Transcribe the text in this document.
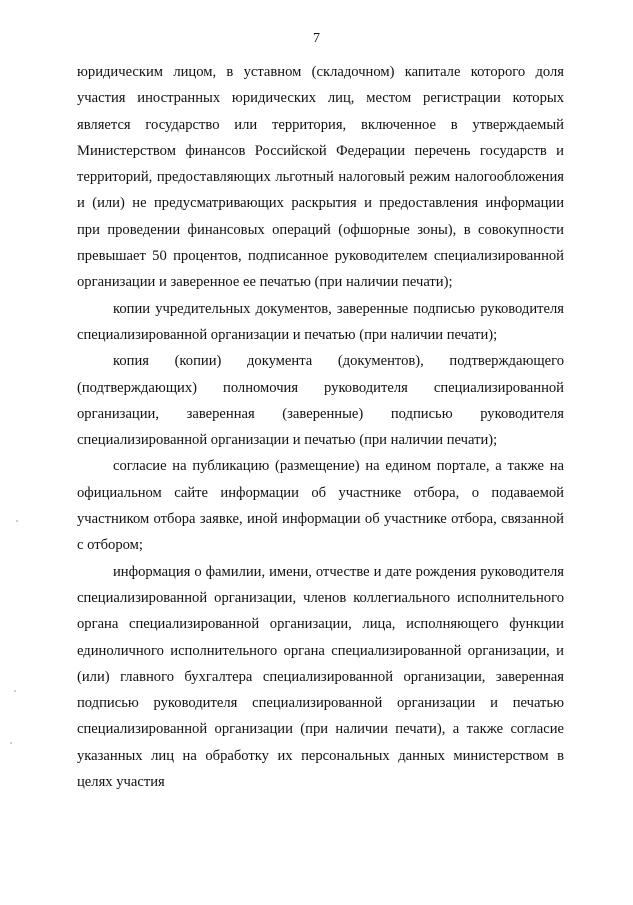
7

юридическим лицом, в уставном (складочном) капитале которого доля участия иностранных юридических лиц, местом регистрации которых является государство или территория, включенное в утверждаемый Министерством финансов Российской Федерации перечень государств и территорий, предоставляющих льготный налоговый режим налогообложения и (или) не предусматривающих раскрытия и предоставления информации при проведении финансовых операций (офшорные зоны), в совокупности превышает 50 процентов, подписанное руководителем специализированной организации и заверенное ее печатью (при наличии печати);

копии учредительных документов, заверенные подписью руководителя специализированной организации и печатью (при наличии печати);

копия (копии) документа (документов), подтверждающего (подтверждающих) полномочия руководителя специализированной организации, заверенная (заверенные) подписью руководителя специализированной организации и печатью (при наличии печати);

согласие на публикацию (размещение) на едином портале, а также на официальном сайте информации об участнике отбора, о подаваемой участником отбора заявке, иной информации об участнике отбора, связанной с отбором;

информация о фамилии, имени, отчестве и дате рождения руководителя специализированной организации, членов коллегиального исполнительного органа специализированной организации, лица, исполняющего функции единоличного исполнительного органа специализированной организации, и (или) главного бухгалтера специализированной организации, заверенная подписью руководителя специализированной организации и печатью специализированной организации (при наличии печати), а также согласие указанных лиц на обработку их персональных данных министерством в целях участия
